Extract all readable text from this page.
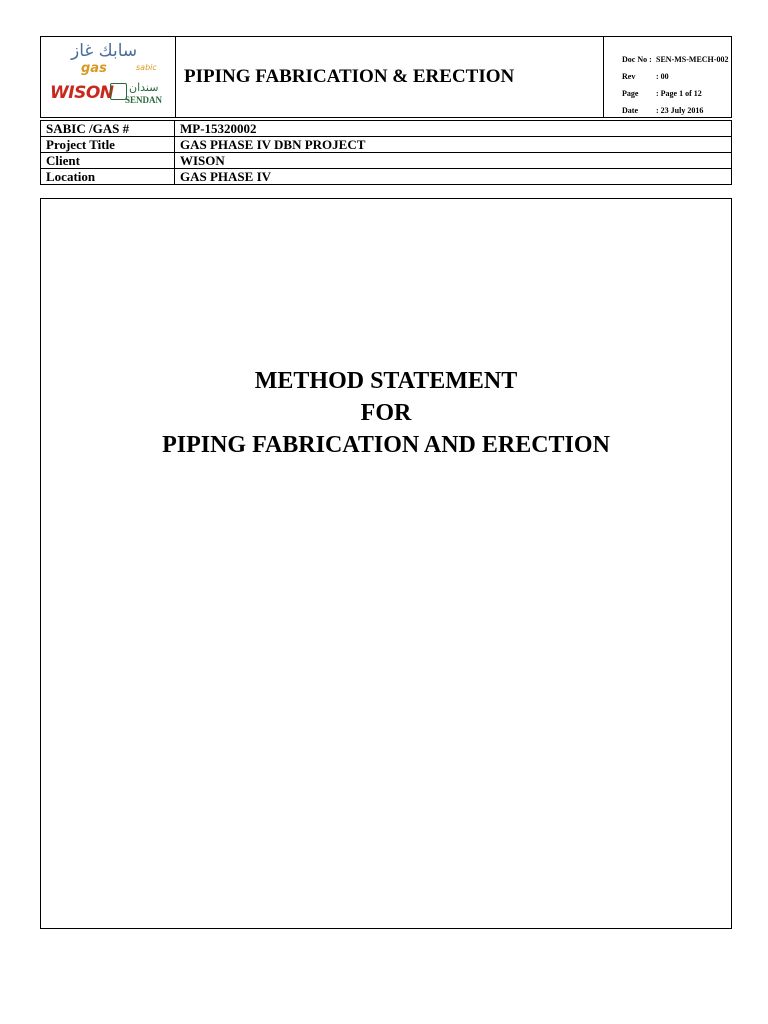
سابك غاز
gas	sabic
WISON سندان
SENDAN
PIPING FABRICATION & ERECTION
Doc No : SEN-MS-MECH-002
Rev	: 00
Page	: Page 1 of 12
Date	: 23 July 2016
SABIC /GAS #	MP-15320002
Project Title	GAS PHASE IV DBN PROJECT
Client	WISON
Location	GAS PHASE IV
METHOD STATEMENT
FOR
PIPING FABRICATION AND ERECTION
